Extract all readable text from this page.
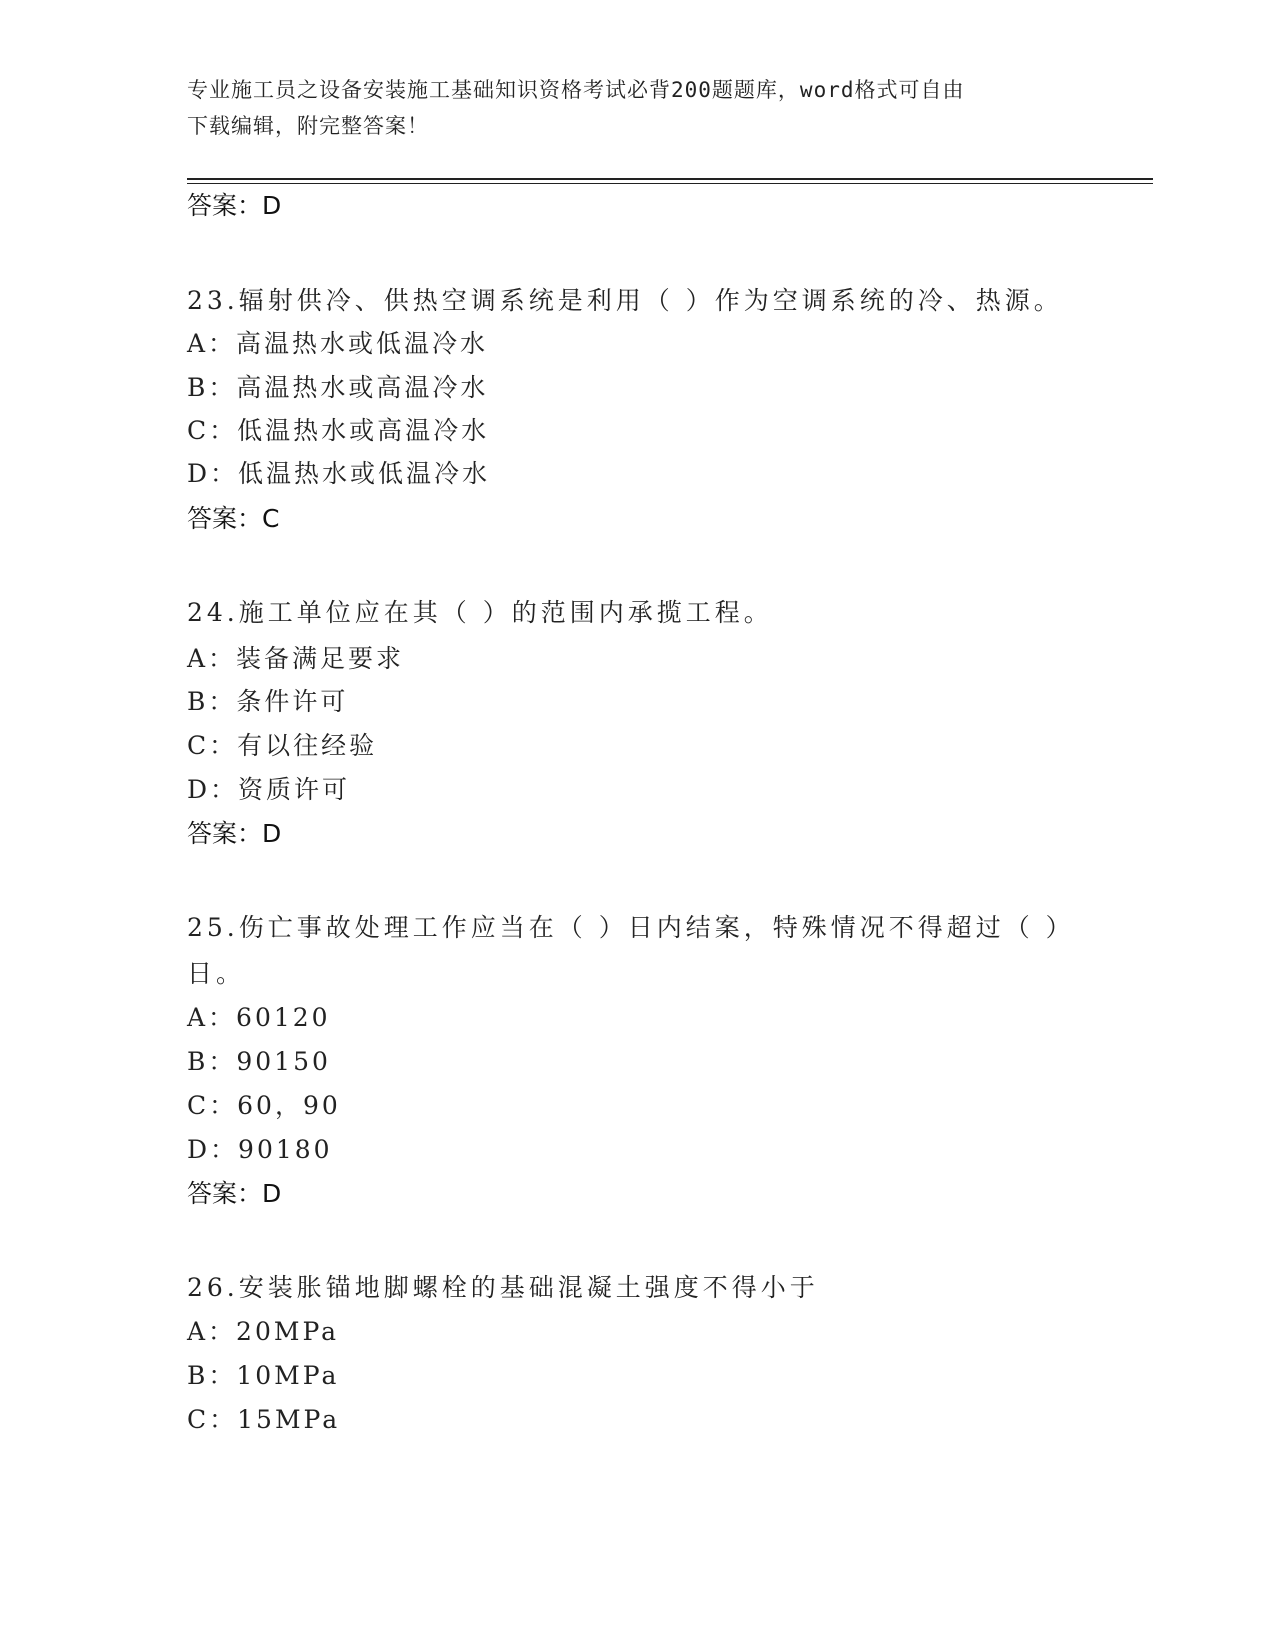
专业施工员之设备安装施工基础知识资格考试必背200题题库，word格式可自由
下载编辑，附完整答案！
答案：D
23.辐射供冷、供热空调系统是利用（ ）作为空调系统的冷、热源。
A：高温热水或低温冷水
B：高温热水或高温冷水
C：低温热水或高温冷水
D：低温热水或低温冷水
答案：C
24.施工单位应在其（ ）的范围内承揽工程。
A：装备满足要求
B：条件许可
C：有以往经验
D：资质许可
答案：D
25.伤亡事故处理工作应当在（ ）日内结案，特殊情况不得超过（ ）日。
A：60120
B：90150
C：60，90
D：90180
答案：D
26.安装胀锚地脚螺栓的基础混凝土强度不得小于
A：20MPa
B：10MPa
C：15MPa
